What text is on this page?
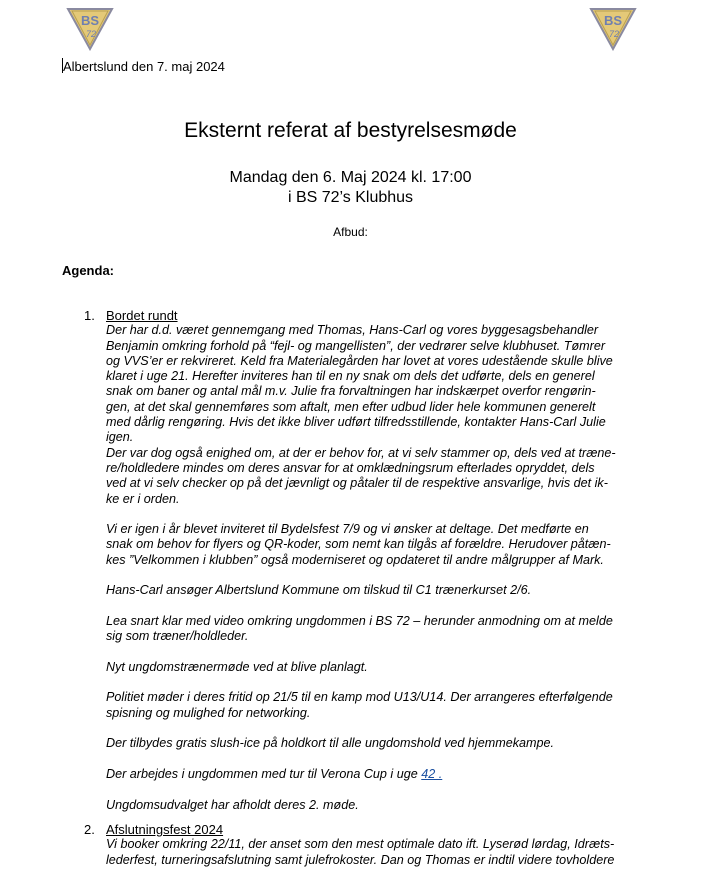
BS
72
BS
72
Albertslund den 7. maj 2024
Eksternt referat af bestyrelsesmøde
Mandag den 6. Maj 2024 kl. 17:00
i BS 72’s Klubhus
Afbud:
Agenda:
1. Bordet rundt
Der har d.d. været gennemgang med Thomas, Hans-Carl og vores byggesagsbehandler
Benjamin omkring forhold på “fejl- og mangellisten”, der vedrører selve klubhuset. Tømrer
og VVS’er er rekvireret. Keld fra Materialegården har lovet at vores udestående skulle blive
klaret i uge 21. Herefter inviteres han til en ny snak om dels det udførte, dels en generel
snak om baner og antal mål m.v. Julie fra forvaltningen har indskærpet overfor rengørin-
gen, at det skal gennemføres som aftalt, men efter udbud lider hele kommunen generelt
med dårlig rengøring. Hvis det ikke bliver udført tilfredsstillende, kontakter Hans-Carl Julie
igen.
Der var dog også enighed om, at der er behov for, at vi selv stammer op, dels ved at træne-
re/holdledere mindes om deres ansvar for at omklædningsrum efterlades opryddet, dels
ved at vi selv checker op på det jævnligt og påtaler til de respektive ansvarlige, hvis det ik-
ke er i orden.
Vi er igen i år blevet inviteret til Bydelsfest 7/9 og vi ønsker at deltage. Det medførte en
snak om behov for flyers og QR-koder, som nemt kan tilgås af forældre. Herudover påtæn-
kes ”Velkommen i klubben” også moderniseret og opdateret til andre målgrupper af Mark.
Hans-Carl ansøger Albertslund Kommune om tilskud til C1 trænerkurset 2/6.
Lea snart klar med video omkring ungdommen i BS 72 – herunder anmodning om at melde
sig som træner/holdleder.
Nyt ungdomstrænermøde ved at blive planlagt.
Politiet møder i deres fritid op 21/5 til en kamp mod U13/U14. Der arrangeres efterfølgende
spisning og mulighed for networking.
Der tilbydes gratis slush-ice på holdkort til alle ungdomshold ved hjemmekampe.
Der arbejdes i ungdommen med tur til Verona Cup i uge 42 .
Ungdomsudvalget har afholdt deres 2. møde.
2. Afslutningsfest 2024
Vi booker omkring 22/11, der anset som den mest optimale dato ift. Lyserød lørdag, Idræts-
lederfest, turneringsafslutning samt julefrokoster. Dan og Thomas er indtil videre tovholdere
